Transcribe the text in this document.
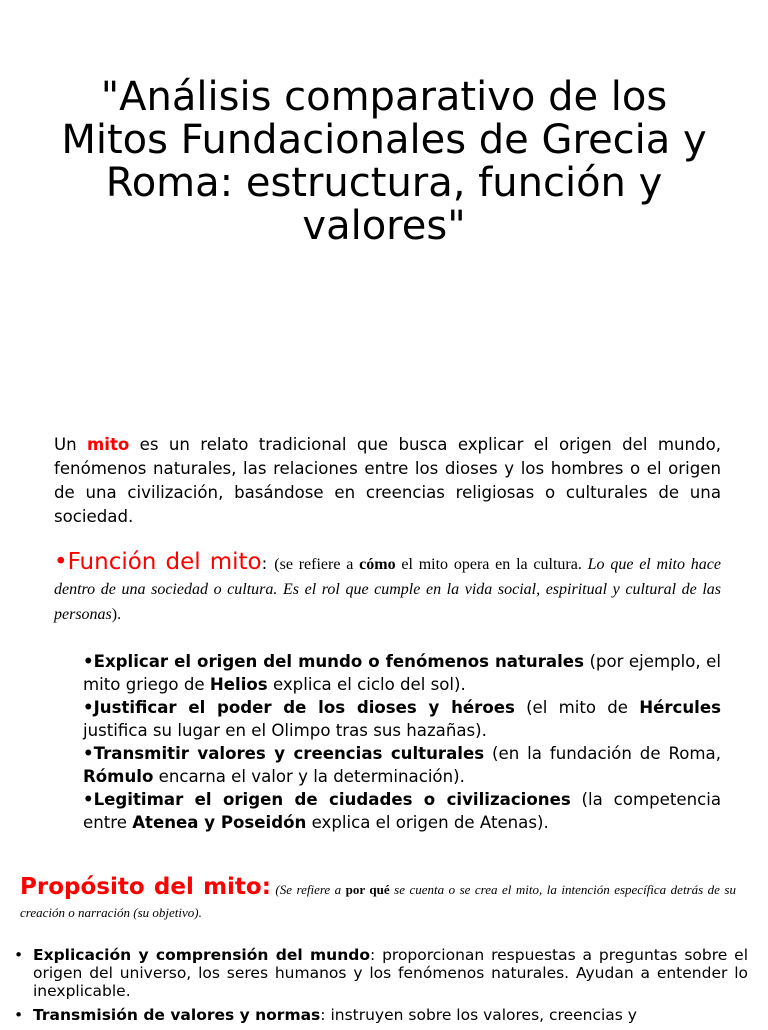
"Análisis comparativo de los Mitos Fundacionales de Grecia y Roma: estructura, función y valores"

Un mito es un relato tradicional que busca explicar el origen del mundo, fenómenos naturales, las relaciones entre los dioses y los hombres o el origen de una civilización, basándose en creencias religiosas o culturales de una sociedad.

•Función del mito: (se refiere a cómo el mito opera en la cultura. Lo que el mito hace dentro de una sociedad o cultura. Es el rol que cumple en la vida social, espiritual y cultural de las personas).

•Explicar el origen del mundo o fenómenos naturales (por ejemplo, el mito griego de Helios explica el ciclo del sol).
•Justificar el poder de los dioses y héroes (el mito de Hércules justifica su lugar en el Olimpo tras sus hazañas).
•Transmitir valores y creencias culturales (en la fundación de Roma, Rómulo encarna el valor y la determinación).
•Legitimar el origen de ciudades o civilizaciones (la competencia entre Atenea y Poseidón explica el origen de Atenas).

Propósito del mito: (Se refiere a por qué se cuenta o se crea el mito, la intención específica detrás de su creación o narración (su objetivo).

• Explicación y comprensión del mundo: proporcionan respuestas a preguntas sobre el origen del universo, los seres humanos y los fenómenos naturales. Ayudan a entender lo inexplicable.
• Transmisión de valores y normas: instruyen sobre los valores, creencias y
